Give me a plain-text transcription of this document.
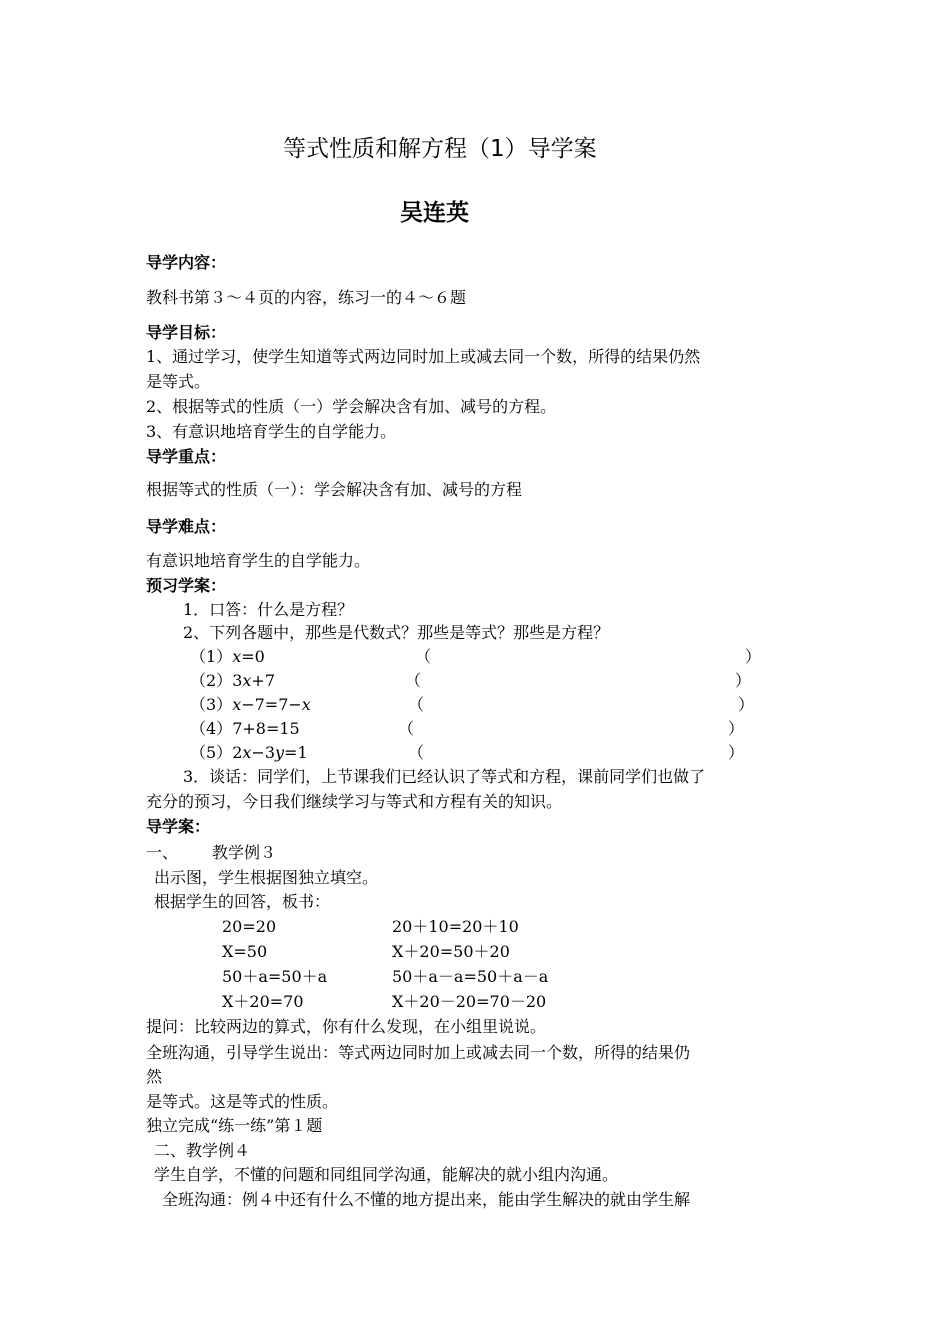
等式性质和解方程（1）导学案
吴连英
导学内容：
教科书第３～４页的内容，练习一的４～６题
导学目标：
1、通过学习，使学生知道等式两边同时加上或减去同一个数，所得的结果仍然
是等式。
2、根据等式的性质（一）学会解决含有加、减号的方程。
3、有意识地培育学生的自学能力。
导学重点：
根据等式的性质（一）：学会解决含有加、减号的方程
导学难点：
有意识地培育学生的自学能力。
预习学案：
1．口答：什么是方程？
2、下列各题中，那些是代数式？那些是等式？那些是方程？
（1）x=0	（	）
（2）3x+7	（	）
（3）x−7=7−x	（	）
（4）7+8=15	（	）
（5）2x−3y=1	（	）
3．谈话：同学们，上节课我们已经认识了等式和方程，课前同学们也做了
充分的预习，今日我们继续学习与等式和方程有关的知识。
导学案：
一、 教学例３
出示图，学生根据图独立填空。
根据学生的回答，板书：
20=20	20＋10=20＋10
X=50	X＋20=50＋20
50＋a=50＋a	50＋a－a=50＋a－a
X＋20=70	X＋20－20=70－20
提问：比较两边的算式，你有什么发现，在小组里说说。
全班沟通，引导学生说出：等式两边同时加上或减去同一个数，所得的结果仍
然
是等式。这是等式的性质。
独立完成“练一练”第１题
二、教学例４
学生自学，不懂的问题和同组同学沟通，能解决的就小组内沟通。
全班沟通：例４中还有什么不懂的地方提出来，能由学生解决的就由学生解
